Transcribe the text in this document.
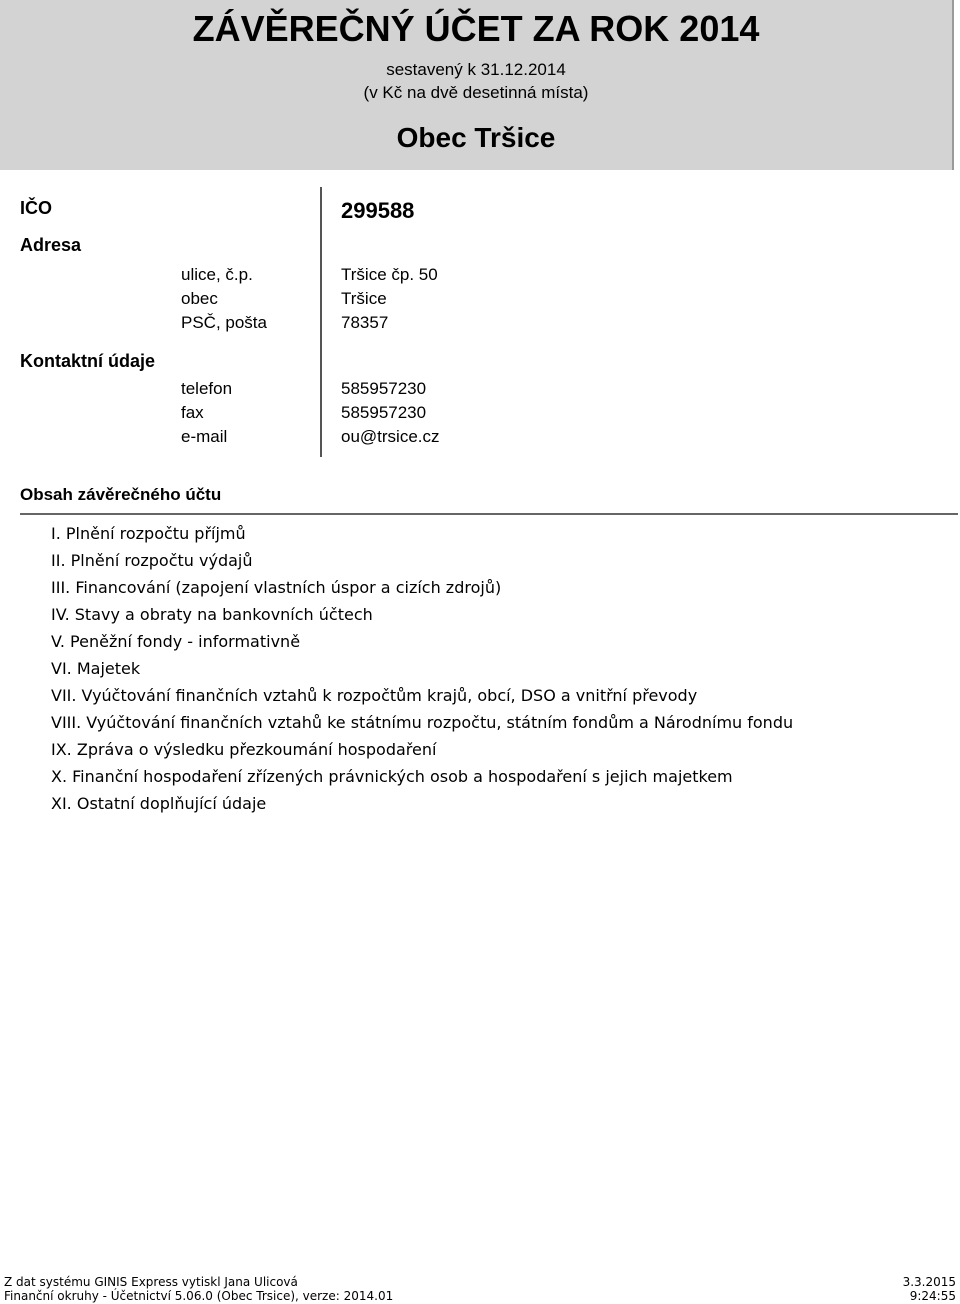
ZÁVĚREČNÝ ÚČET ZA ROK 2014
sestavený k 31.12.2014
(v Kč na dvě desetinná místa)
Obec Tršice
IČO	299588
Adresa
ulice, č.p.	Tršice čp. 50
obec	Tršice
PSČ, pošta	78357
Kontaktní údaje
telefon	585957230
fax	585957230
e-mail	ou@trsice.cz
Obsah závěrečného účtu
I. Plnění rozpočtu příjmů
II. Plnění rozpočtu výdajů
III. Financování (zapojení vlastních úspor a cizích zdrojů)
IV. Stavy a obraty na bankovních účtech
V. Peněžní fondy - informativně
VI. Majetek
VII. Vyúčtování finančních vztahů k rozpočtům krajů, obcí, DSO a vnitřní převody
VIII. Vyúčtování finančních vztahů ke státnímu rozpočtu, státním fondům a Národnímu fondu
IX. Zpráva o výsledku přezkoumání hospodaření
X. Finanční hospodaření zřízených právnických osob a hospodaření s jejich majetkem
XI. Ostatní doplňující údaje
Z dat systému GINIS Express vytiskl Jana Ulicová	3.3.2015
Finanční okruhy - Účetnictví 5.06.0 (Obec Trsice), verze: 2014.01	9:24:55
